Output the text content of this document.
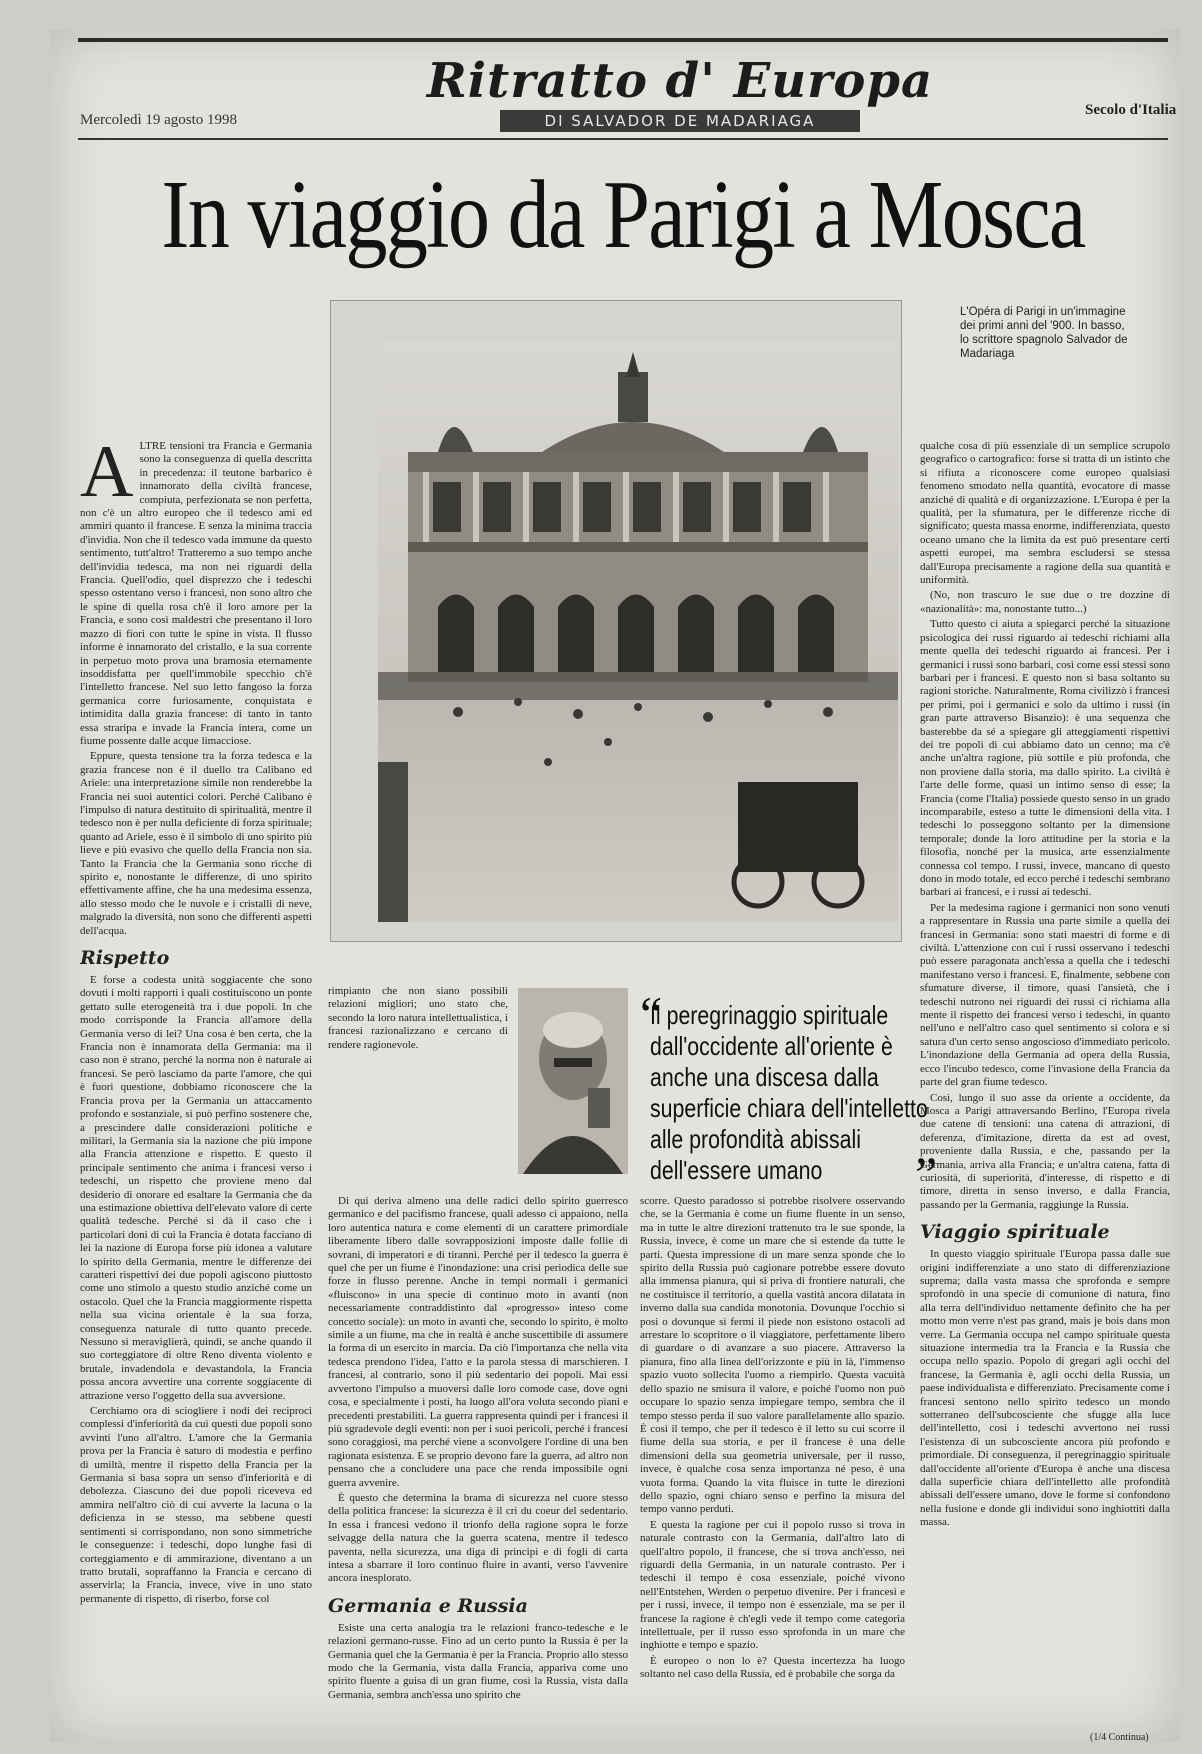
Ritratto d' Europa
DI SALVADOR DE MADARIAGA
Mercoledì 19 agosto 1998
Secolo d'Italia
In viaggio da Parigi a Mosca
L'Opéra di Parigi in un'immagine dei primi anni del '900. In basso, lo scrittore spagnolo Salvador de Madariaga
A LTRE tensioni tra Francia e Germania sono la conseguenza di quella descritta in precedenza: il teutone barbarico è innamorato della civiltà francese, compiuta, perfezionata se non perfetta, non c'è un altro europeo che il tedesco ami ed ammiri quanto il francese. E senza la minima traccia d'invidia. Non che il tedesco vada immune da questo sentimento, tutt'altro! Tratteremo a suo tempo anche dell'invidia tedesca, ma non nei riguardi della Francia. Quell'odio, quel disprezzo che i tedeschi spesso ostentano verso i francesi, non sono altro che le spine di quella rosa ch'è il loro amore per la Francia, e sono così maldestri che presentano il loro mazzo di fiori con tutte le spine in vista. Il flusso informe è innamorato del cristallo, e la sua corrente in perpetuo moto prova una bramosia eternamente insoddisfatta per quell'immobile specchio ch'è l'intelletto francese. Nel suo letto fangoso la forza germanica corre furiosamente, conquistata e intimidita dalla grazia francese: di tanto in tanto essa straripa e invade la Francia intera, come un fiume possente dalle acque limacciose.

Eppure, questa tensione tra la forza tedesca e la grazia francese non è il duello tra Calibano ed Ariele: una interpretazione simile non renderebbe la Francia nei suoi autentici colori. Perché Calibano è l'impulso di natura destituito di spiritualità, mentre il tedesco non è per nulla deficiente di forza spirituale; quanto ad Ariele, esso è il simbolo di uno spirito più lieve e più evasivo che quello della Francia non sia. Tanto la Francia che la Germania sono ricche di spirito e, nonostante le differenze, di uno spirito effettivamente affine, che ha una medesima essenza, allo stesso modo che le nuvole e i cristalli di neve, malgrado la diversità, non sono che differenti aspetti dell'acqua.

Rispetto

E forse a codesta unità soggiacente che sono dovuti i molti rapporti i quali costituiscono un ponte gettato sulle eterogeneità tra i due popoli. In che modo corrisponde la Francia all'amore della Germania verso di lei? Una cosa è ben certa, che la Francia non è innamorata della Germania: ma il caso non è strano, perché la norma non è naturale ai francesi. Se però lasciamo da parte l'amore, che qui è fuori questione, dobbiamo riconoscere che la Francia prova per la Germania un attaccamento profondo e sostanziale, si può perfino sostenere che, a prescindere dalle considerazioni politiche e militari, la Germania sia la nazione che più impone alla Francia attenzione e rispetto. E questo il principale sentimento che anima i francesi verso i tedeschi, un rispetto che proviene meno dal desiderio di onorare ed esaltare la Germania che da una estimazione obiettiva dell'elevato valore di certe qualità tedesche. Perché si dà il caso che i particolari doni di cui la Francia è dotata facciano di lei la nazione di Europa forse più idonea a valutare lo spirito della Germania, mentre le differenze dei caratteri rispettivi dei due popoli agiscono piuttosto come uno stimolo a questo studio anziché come un ostacolo. Quel che la Francia maggiormente rispetta nella sua vicina orientale è la sua forza, conseguenza naturale di tutto quanto precede. Nessuno si meraviglierà, quindi, se anche quando il suo corteggiatore di oltre Reno diventa violento e brutale, invadendola e devastandola, la Francia possa ancora avvertire una corrente soggiacente di attrazione verso l'oggetto della sua avversione.

Cerchiamo ora di sciogliere i nodi dei reciproci complessi d'inferiorità da cui questi due popoli sono avvinti l'uno all'altro. L'amore che la Germania prova per la Francia è saturo di modestia e perfino di umiltà, mentre il rispetto della Francia per la Germania si basa sopra un senso d'inferiorità e di debolezza. Ciascuno dei due popoli riceveva ed ammira nell'altro ciò di cui avverte la lacuna o la deficienza in se stesso, ma sebbene questi sentimenti si corrispondano, non sono simmetriche le conseguenze: i tedeschi, dopo lunghe fasi di corteggiamento e di ammirazione, diventano a un tratto brutali, sopraffanno la Francia e cercano di asservirla; la Francia, invece, vive in uno stato permanente di rispetto, di riserbo, forse col

rimpianto che non siano possibili relazioni migliori; uno stato che, secondo la loro natura intellettualistica, i francesi razionalizzano e cercano di rendere ragionevole.

Di qui deriva almeno una delle radici dello spirito guerresco germanico e del pacifismo francese, quali adesso ci appaiono, nella loro autentica natura e come elementi di un carattere primordiale liberamente libero dalle sovrapposizioni imposte dalle follie di sovrani, di imperatori e di tiranni. Perché per il tedesco la guerra è quel che per un fiume è l'inondazione: una crisi periodica delle sue forze in flusso perenne. Anche in tempi normali i germanici «fluiscono» in una specie di continuo moto in avanti (non necessariamente contraddistinto dal «progresso» inteso come concetto sociale): un moto in avanti che, secondo lo spirito, è molto simile a un fiume, ma che in realtà è anche suscettibile di assumere la forma di un esercito in marcia. Da ciò l'importanza che nella vita tedesca prendono l'idea, l'atto e la parola stessa di marschieren. I francesi, al contrario, sono il più sedentario dei popoli. Mai essi avvertono l'impulso a muoversi dalle loro comode case, dove ogni cosa, e specialmente i posti, ha luogo all'ora voluta secondo piani e precedenti prestabiliti. La guerra rappresenta quindi per i francesi il più sgradevole degli eventi: non per i suoi pericoli, perché i francesi sono coraggiosi, ma perché viene a sconvolgere l'ordine di una ben ragionata esistenza. E se proprio devono fare la guerra, ad altro non pensano che a concludere una pace che renda impossibile ogni guerra avvenire.

È questo che determina la brama di sicurezza nel cuore stesso della politica francese: la sicurezza è il cri du coeur del sedentario. In essa i francesi vedono il trionfo della ragione sopra le forze selvagge della natura che la guerra scatena, mentre il tedesco paventa, nella sicurezza, una diga di principi e di fogli di carta intesa a sbarrare il loro continuo fluire in avanti, verso l'avvenire ancora inesplorato.

Germania e Russia

Esiste una certa analogia tra le relazioni franco-tedesche e le relazioni germano-russe. Fino ad un certo punto la Russia è per la Germania quel che la Germania è per la Francia. Proprio allo stesso modo che la Germania, vista dalla Francia, appariva come uno spirito fluente a guisa di un gran fiume, così la Russia, vista dalla Germania, sembra anch'essa uno spirito che

“
Il peregrinaggio spirituale dall'occidente all'oriente è anche una discesa dalla superficie chiara dell'intelletto alle profondità abissali dell'essere umano	”

scorre. Questo paradosso si potrebbe risolvere osservando che, se la Germania è come un fiume fluente in un senso, ma in tutte le altre direzioni trattenuto tra le sue sponde, la Russia, invece, è come un mare che si estende da tutte le parti. Questa impressione di un mare senza sponde che lo spirito della Russia può cagionare potrebbe essere dovuto alla immensa pianura, qui si priva di frontiere naturali, che ne costituisce il territorio, a quella vastità ancora dilatata in inverno dalla sua candida monotonia. Dovunque l'occhio si posi o dovunque si fermi il piede non esistono ostacoli ad arrestare lo scopritore o il viaggiatore, perfettamente libero di guardare o di avanzare a suo piacere. Attraverso la pianura, fino alla linea dell'orizzonte e più in là, l'immenso spazio vuoto sollecita l'uomo a riempirlo. Questa vacuità dello spazio ne smisura il valore, e poiché l'uomo non può occupare lo spazio senza impiegare tempo, sembra che il tempo stesso perda il suo valore parallelamente allo spazio. È così il tempo, che per il tedesco è il letto su cui scorre il fiume della sua storia, e per il francese è una delle dimensioni della sua geometria universale, per il russo, invece, è qualche cosa senza importanza né peso, è una vuota forma. Quando la vita fluisce in tutte le direzioni dello spazio, ogni chiaro senso e perfino la misura del tempo vanno perduti.

E questa la ragione per cui il popolo russo si trova in naturale contrasto con la Germania, dall'altro lato di quell'altro popolo, il francese, che si trova anch'esso, nei riguardi della Germania, in un naturale contrasto. Per i tedeschi il tempo è cosa essenziale, poiché vivono nell'Entstehen, Werden o perpetuo divenire. Per i francesi e per i russi, invece, il tempo non è essenziale, ma se per il francese la ragione è ch'egli vede il tempo come categoria intellettuale, per il russo esso sprofonda in un mare che inghiotte e tempo e spazio.

È europeo o non lo è? Questa incertezza ha luogo soltanto nel caso della Russia, ed è probabile che sorga da

qualche cosa di più essenziale di un semplice scrupolo geografico o cartografico: forse si tratta di un istinto che si rifiuta a riconoscere come europeo qualsiasi fenomeno smodato nella quantità, evocatore di masse anziché di qualità e di organizzazione. L'Europa è per la qualità, per la sfumatura, per le differenze ricche di significato; questa massa enorme, indifferenziata, questo oceano umano che la limita da est può presentare certi aspetti europei, ma sembra escludersi se stessa dall'Europa precisamente a ragione della sua quantità e uniformità.

(No, non trascuro le sue due o tre dozzine di «nazionalità»: ma, nonostante tutto...)

Tutto questo ci aiuta a spiegarci perché la situazione psicologica dei russi riguardo ai tedeschi richiami alla mente quella dei tedeschi riguardo ai francesi. Per i germanici i russi sono barbari, così come essi stessi sono barbari per i francesi. E questo non si basa soltanto su ragioni storiche. Naturalmente, Roma civilizzò i francesi per primi, poi i germanici e solo da ultimo i russi (in gran parte attraverso Bisanzio): è una sequenza che basterebbe da sé a spiegare gli atteggiamenti rispettivi dei tre popoli di cui abbiamo dato un cenno; ma c'è anche un'altra ragione, più sottile e più profonda, che non proviene dalla storia, ma dallo spirito. La civiltà è l'arte delle forme, quasi un intimo senso di esse; la Francia (come l'Italia) possiede questo senso in un grado incomparabile, esteso a tutte le dimensioni della vita. I tedeschi lo posseggono soltanto per la dimensione temporale; donde la loro attitudine per la storia e la filosofia, nonché per la musica, arte essenzialmente connessa col tempo. I russi, invece, mancano di questo dono in modo totale, ed ecco perché i tedeschi sembrano barbari ai francesi, e i russi ai tedeschi.

Per la medesima ragione i germanici non sono venuti a rappresentare in Russia una parte simile a quella dei francesi in Germania: sono stati maestri di forme e di civiltà. L'attenzione con cui i russi osservano i tedeschi può essere paragonata anch'essa a quella che i tedeschi manifestano verso i francesi. E, finalmente, sebbene con sfumature diverse, il timore, quasi l'ansietà, che i tedeschi nutrono nei riguardi dei russi ci richiama alla mente il rispetto dei francesi verso i tedeschi, in quanto nell'uno e nell'altro caso quel sentimento si colora e si satura d'un certo senso angoscioso d'immediato pericolo. L'inondazione della Germania ad opera della Russia, ecco l'incubo tedesco, come l'invasione della Francia da parte del gran fiume tedesco.

Così, lungo il suo asse da oriente a occidente, da Mosca a Parigi attraversando Berlino, l'Europa rivela due catene di tensioni: una catena di attrazioni, di deferenza, d'imitazione, diretta da est ad ovest, proveniente dalla Russia, e che, passando per la Germania, arriva alla Francia; e un'altra catena, fatta di curiosità, di superiorità, d'interesse, di rispetto e di timore, diretta in senso inverso, e dalla Francia, passando per la Germania, raggiunge la Russia.

Viaggio spirituale

In questo viaggio spirituale l'Europa passa dalle sue origini indifferenziate a uno stato di differenziazione suprema; dalla vasta massa che sprofonda e sempre sprofondò in una specie di comunione di natura, fino alla terra dell'individuo nettamente definito che ha per motto mon verre n'est pas grand, mais je bois dans mon verre. La Germania occupa nel campo spirituale questa situazione intermedia tra la Francia e la Russia che occupa nello spazio. Popolo di gregari agli occhi del francese, la Germania è, agli occhi della Russia, un paese individualista e differenziato. Precisamente come i francesi sentono nello spirito tedesco un mondo sotterraneo dell'subcosciente che sfugge alla luce dell'intelletto, così i tedeschi avvertono nei russi l'esistenza di un subcosciente ancora più profondo e primordiale. Di conseguenza, il peregrinaggio spirituale dall'occidente all'oriente d'Europa è anche una discesa dalla superficie chiara dell'intelletto alle profondità abissali dell'essere umano, dove le forme si confondono nella fusione e donde gli individui sono inghiottiti dalla massa.

(1/4 Continua)
